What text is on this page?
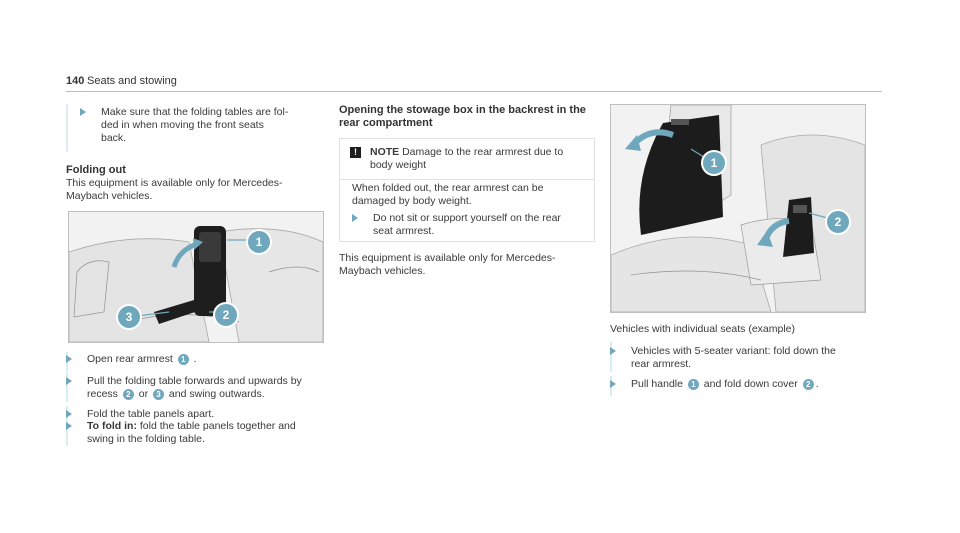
140 Seats and stowing
Make sure that the folding tables are fol-
ded in when moving the front seats
back.
Folding out
This equipment is available only for Mercedes-
Maybach vehicles.
1
2
3
Open rear armrest 1 .
Pull the folding table forwards and upwards by
recess 2 or 3 and swing outwards.
Fold the table panels apart.
To fold in: fold the table panels together and
swing in the folding table.
Opening the stowage box in the backrest in the
rear compartment
!	NOTE Damage to the rear armrest due to
body weight
When folded out, the rear armrest can be
damaged by body weight.
Do not sit or support yourself on the rear
seat armrest.
This equipment is available only for Mercedes-
Maybach vehicles.
1
2
Vehicles with individual seats (example)
Vehicles with 5-seater variant: fold down the
rear armrest.
Pull handle 1 and fold down cover 2 .
